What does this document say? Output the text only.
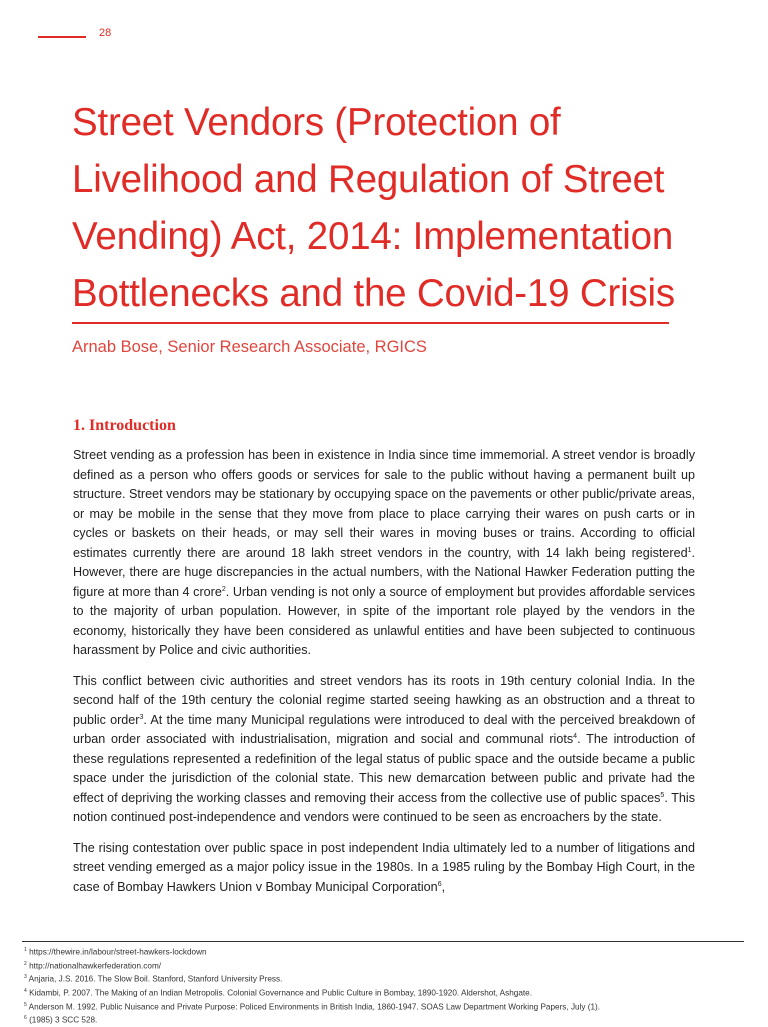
28
Street Vendors (Protection of Livelihood and Regulation of Street Vending) Act, 2014: Implementation Bottlenecks and the Covid-19 Crisis
Arnab Bose, Senior Research Associate, RGICS
1. Introduction

Street vending as a profession has been in existence in India since time immemorial. A street vendor is broadly defined as a person who offers goods or services for sale to the public without having a permanent built up structure. Street vendors may be stationary by occupying space on the pavements or other public/private areas, or may be mobile in the sense that they move from place to place carrying their wares on push carts or in cycles or baskets on their heads, or may sell their wares in moving buses or trains. According to official estimates currently there are around 18 lakh street vendors in the country, with 14 lakh being registered$^1$. However, there are huge discrepancies in the actual numbers, with the National Hawker Federation putting the figure at more than 4 crore$^2$. Urban vending is not only a source of employment but provides affordable services to the majority of urban population. However, in spite of the important role played by the vendors in the economy, historically they have been considered as unlawful entities and have been subjected to continuous harassment by Police and civic authorities.

This conflict between civic authorities and street vendors has its roots in 19th century colonial India. In the second half of the 19th century the colonial regime started seeing hawking as an obstruction and a threat to public order$^3$. At the time many Municipal regulations were introduced to deal with the perceived breakdown of urban order associated with industrialisation, migration and social and communal riots$^4$. The introduction of these regulations represented a redefinition of the legal status of public space and the outside became a public space under the jurisdiction of the colonial state. This new demarcation between public and private had the effect of depriving the working classes and removing their access from the collective use of public spaces$^5$. This notion continued post-independence and vendors were continued to be seen as encroachers by the state.

The rising contestation over public space in post independent India ultimately led to a number of litigations and street vending emerged as a major policy issue in the 1980s. In a 1985 ruling by the Bombay High Court, in the case of Bombay Hawkers Union v Bombay Municipal Corporation$^6$,

$^1$ https://thewire.in/labour/street-hawkers-lockdown
$^2$ http://nationalhawkerfederation.com/
$^3$ Anjaria, J.S. 2016. The Slow Boil. Stanford, Stanford University Press.
$^4$ Kidambi, P. 2007. The Making of an Indian Metropolis. Colonial Governance and Public Culture in Bombay, 1890-1920. Aldershot, Ashgate.
$^5$ Anderson M. 1992. Public Nuisance and Private Purpose: Policed Environments in British India, 1860-1947. SOAS Law Department Working Papers, July (1).
$^6$ (1985) 3 SCC 528.
